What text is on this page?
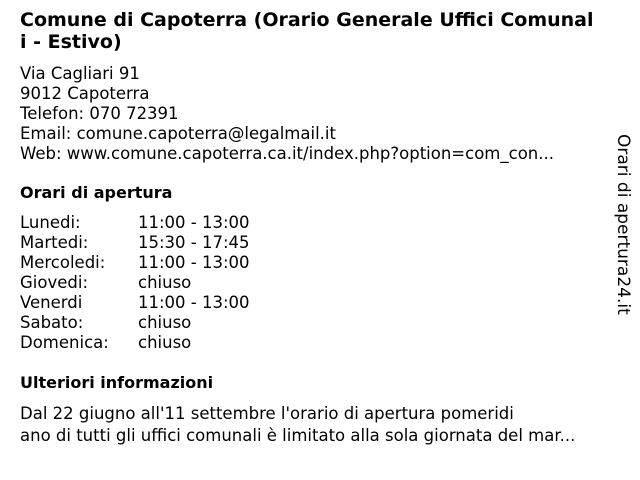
Comune di Capoterra (Orario Generale Uffici Comunali - Estivo)
Via Cagliari 91
9012 Capoterra
Telefon: 070 72391
Email: comune.capoterra@legalmail.it
Web: www.comune.capoterra.ca.it/index.php?option=com_con...
Orari di apertura
Lunedi:	11:00 - 13:00
Martedi:	15:30 - 17:45
Mercoledi: 11:00 - 13:00
Giovedi:	chiuso
Venerdi	11:00 - 13:00
Sabato:	chiuso
Domenica: chiuso
Ulteriori informazioni
Dal 22 giugno all'11 settembre l'orario di apertura pomeridi
ano di tutti gli uffici comunali è limitato alla sola giornata del mar...
Orari di apertura24.it
